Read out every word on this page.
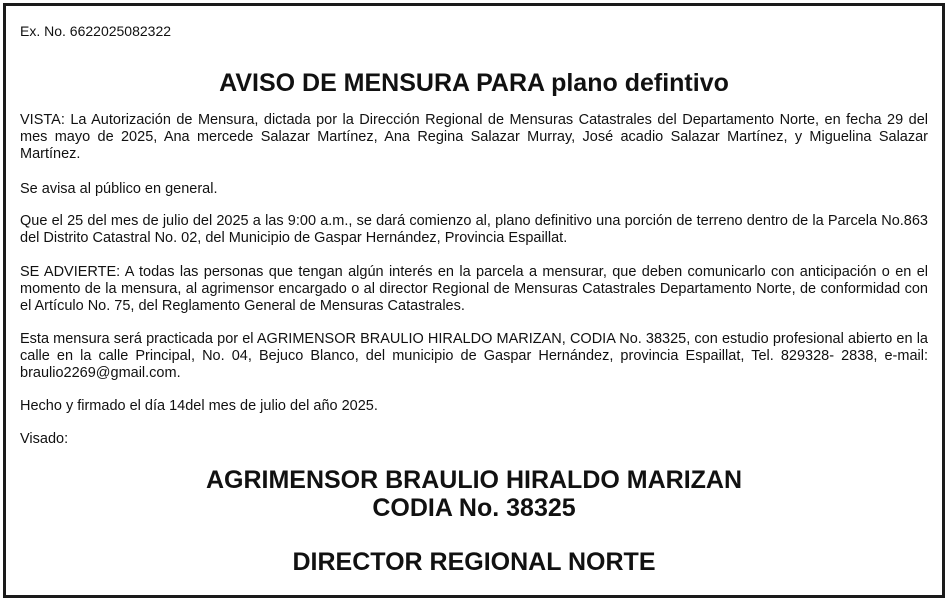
Ex. No. 6622025082322
AVISO DE MENSURA PARA plano defintivo

VISTA: La Autorización de Mensura, dictada por la Dirección Regional de Mensuras Catastrales del Departamento Norte, en fecha 29 del mes mayo de 2025, Ana mercede Salazar Martínez, Ana Regina Salazar Murray, José acadio Salazar Martínez, y Miguelina Salazar Martínez.

Se avisa al público en general.

Que el 25 del mes de julio del 2025 a las 9:00 a.m., se dará comienzo al, plano definitivo una porción de terreno dentro de la Parcela No.863 del Distrito Catastral No. 02, del Municipio de Gaspar Hernández, Provincia Espaillat.

SE ADVIERTE: A todas las personas que tengan algún interés en la parcela a mensurar, que deben comunicarlo con anticipación o en el momento de la mensura, al agrimensor encargado o al director Regional de Mensuras Catastrales Departamento Norte, de conformidad con el Artículo No. 75, del Reglamento General de Mensuras Catastrales.

Esta mensura será practicada por el AGRIMENSOR BRAULIO HIRALDO MARIZAN, CODIA No. 38325, con estudio profesional abierto en la calle en la calle Principal, No. 04, Bejuco Blanco, del municipio de Gaspar Hernández, provincia Espaillat, Tel. 829328- 2838, e-mail: braulio2269@gmail.com.

Hecho y firmado el día 14del mes de julio del año 2025.

Visado:

AGRIMENSOR BRAULIO HIRALDO MARIZAN
CODIA No. 38325
DIRECTOR REGIONAL NORTE
